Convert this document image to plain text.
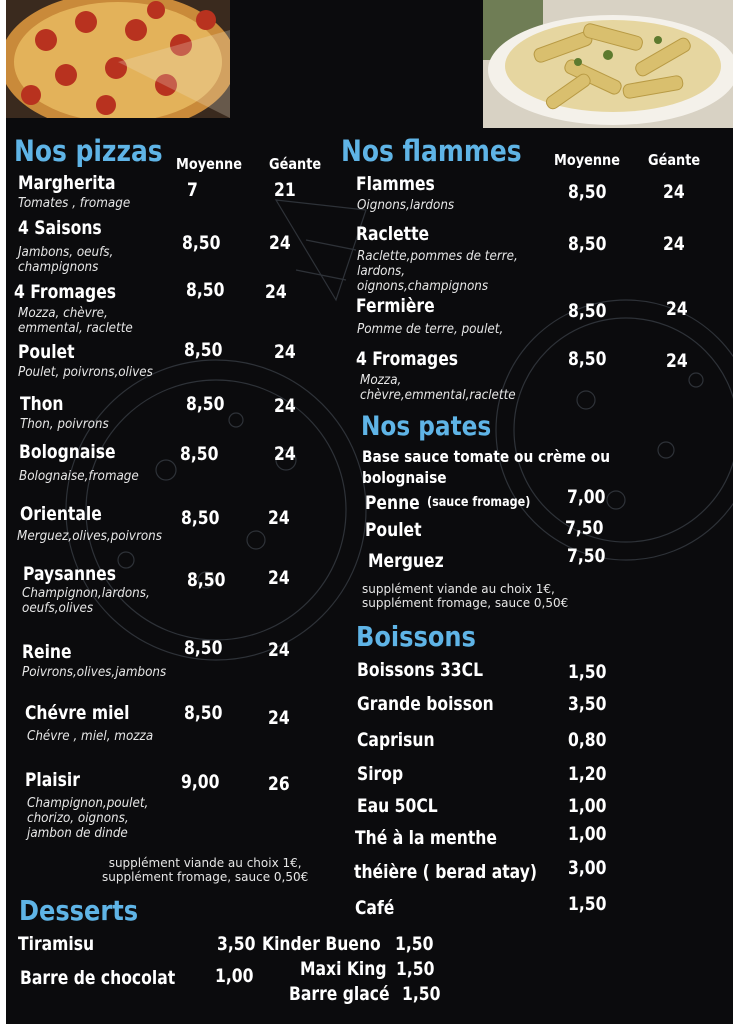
Nos pizzas Moyenne Géante
Margherita
Tomates , fromage
7	21
4 Saisons
Jambons, oeufs,
champignons
8,50	24
4 Fromages
Mozza, chèvre,
emmental, raclette
8,50 24
Poulet
Poulet, poivrons,olives
8,50	24
Thon
Thon, poivrons
8,50	24
Bolognaise
Bolognaise,fromage
8,50	24
Orientale
Merguez,olives,poivrons
8,50	24
Paysannes
Champignon,lardons,
oeufs,olives
8,50 24
Reine
Poivrons,olives,jambons
8,50 24
Chévre miel
Chévre , miel, mozza
8,50 24
Plaisir
Champignon,poulet,
chorizo, oignons,
jambon de dinde
9,00	26
supplément viande au choix 1€,
supplément fromage, sauce 0,50€
Nos flammes Moyenne Géante
Flammes
Oignons,lardons
8,50	24
Raclette
Raclette,pommes de terre,
lardons,
oignons,champignons
8,50	24
Fermière
Pomme de terre, poulet,
8,50	24
4 Fromages
Mozza,
chèvre,emmental,raclette
8,50	24
Nos pates
Base sauce tomate ou crème ou
bolognaise
Penne (sauce fromage) 7,00
Poulet	7,50
Merguez	7,50
supplément viande au choix 1€,
supplément fromage, sauce 0,50€
Boissons
Boissons 33CL	1,50
Grande boisson	3,50
Caprisun	0,80
Sirop	1,20
Eau 50CL	1,00
Thé à la menthe	1,00
théière ( berad atay) 3,00
Café	1,50
Desserts
Tiramisu	3,50
Barre de chocolat 1,00
Kinder Bueno 1,50
Maxi King 1,50
Barre glacé 1,50
